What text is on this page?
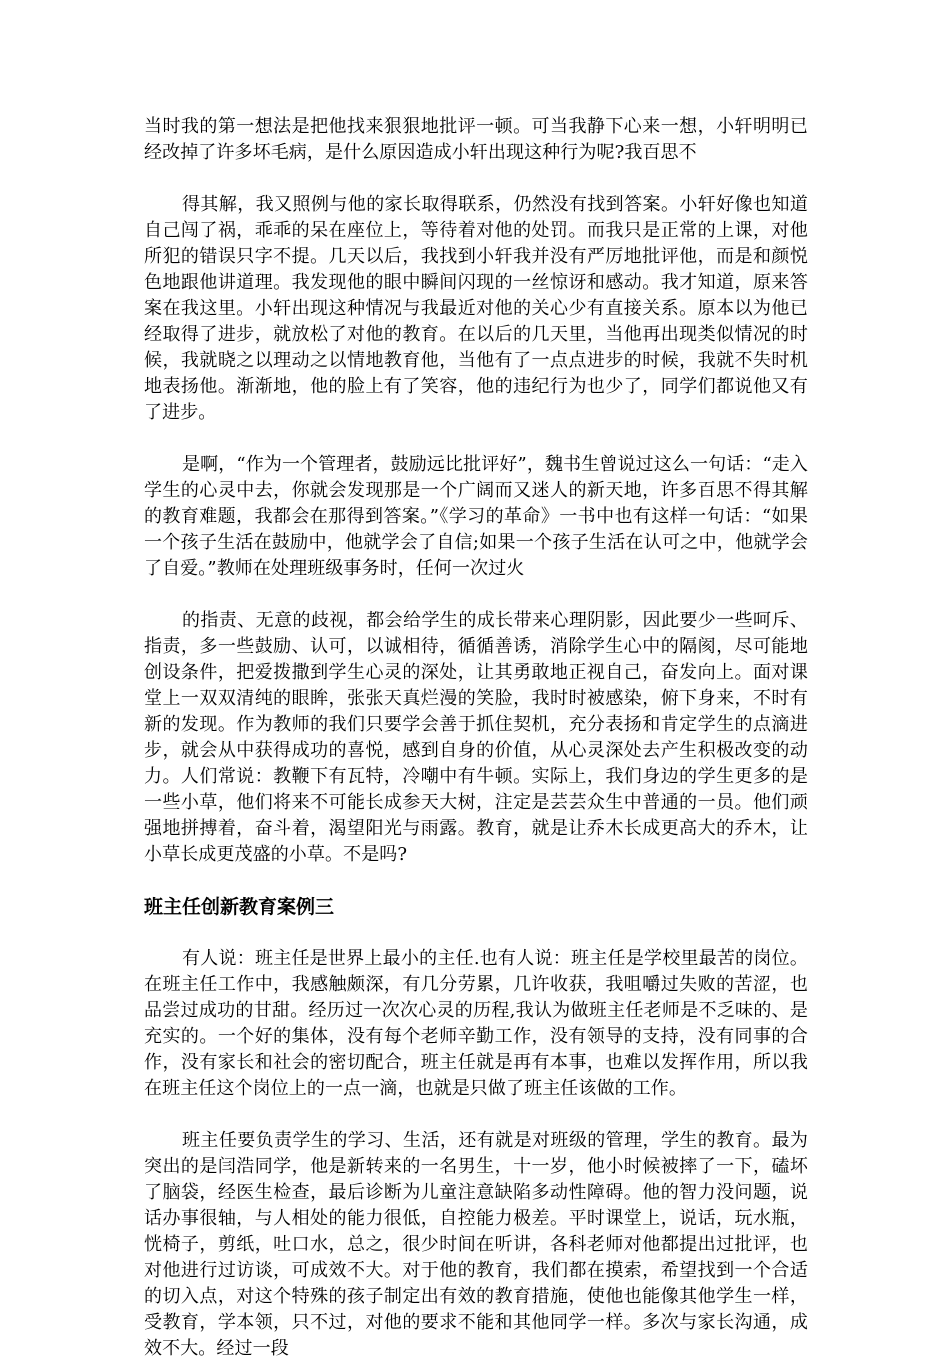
当时我的第一想法是把他找来狠狠地批评一顿。可当我静下心来一想，小轩明明已经改掉了许多坏毛病，是什么原因造成小轩出现这种行为呢?我百思不

得其解，我又照例与他的家长取得联系，仍然没有找到答案。小轩好像也知道自己闯了祸，乖乖的呆在座位上，等待着对他的处罚。而我只是正常的上课，对他所犯的错误只字不提。几天以后，我找到小轩我并没有严厉地批评他，而是和颜悦色地跟他讲道理。我发现他的眼中瞬间闪现的一丝惊讶和感动。我才知道，原来答案在我这里。小轩出现这种情况与我最近对他的关心少有直接关系。原本以为他已经取得了进步，就放松了对他的教育。在以后的几天里，当他再出现类似情况的时候，我就晓之以理动之以情地教育他，当他有了一点点进步的时候，我就不失时机地表扬他。渐渐地，他的脸上有了笑容，他的违纪行为也少了，同学们都说他又有了进步。

是啊，“作为一个管理者，鼓励远比批评好”，魏书生曾说过这么一句话：“走入学生的心灵中去，你就会发现那是一个广阔而又迷人的新天地，许多百思不得其解的教育难题，我都会在那得到答案。”《学习的革命》一书中也有这样一句话：“如果一个孩子生活在鼓励中，他就学会了自信;如果一个孩子生活在认可之中，他就学会了自爱。”教师在处理班级事务时，任何一次过火

的指责、无意的歧视，都会给学生的成长带来心理阴影，因此要少一些呵斥、指责，多一些鼓励、认可，以诚相待，循循善诱，消除学生心中的隔阂，尽可能地创设条件，把爱拨撒到学生心灵的深处，让其勇敢地正视自己，奋发向上。面对课堂上一双双清纯的眼眸，张张天真烂漫的笑脸，我时时被感染，俯下身来，不时有新的发现。作为教师的我们只要学会善于抓住契机，充分表扬和肯定学生的点滴进步，就会从中获得成功的喜悦，感到自身的价值，从心灵深处去产生积极改变的动力。人们常说：教鞭下有瓦特，冷嘲中有牛顿。实际上，我们身边的学生更多的是一些小草，他们将来不可能长成参天大树，注定是芸芸众生中普通的一员。他们顽强地拼搏着，奋斗着，渴望阳光与雨露。教育，就是让乔木长成更高大的乔木，让小草长成更茂盛的小草。不是吗?

班主任创新教育案例三

有人说：班主任是世界上最小的主任.也有人说：班主任是学校里最苦的岗位。在班主任工作中，我感触颇深，有几分劳累，几许收获，我咀嚼过失败的苦涩，也品尝过成功的甘甜。经历过一次次心灵的历程,我认为做班主任老师是不乏味的、是充实的。一个好的集体，没有每个老师辛勤工作，没有领导的支持，没有同事的合作，没有家长和社会的密切配合，班主任就是再有本事，也难以发挥作用，所以我在班主任这个岗位上的一点一滴，也就是只做了班主任该做的工作。

班主任要负责学生的学习、生活，还有就是对班级的管理，学生的教育。最为突出的是闫浩同学，他是新转来的一名男生，十一岁，他小时候被摔了一下，磕坏了脑袋，经医生检查，最后诊断为儿童注意缺陷多动性障碍。他的智力没问题，说话办事很轴，与人相处的能力很低，自控能力极差。平时课堂上，说话，玩水瓶，恍椅子，剪纸，吐口水，总之，很少时间在听讲，各科老师对他都提出过批评，也对他进行过访谈，可成效不大。对于他的教育，我们都在摸索，希望找到一个合适的切入点，对这个特殊的孩子制定出有效的教育措施，使他也能像其他学生一样，受教育，学本领，只不过，对他的要求不能和其他同学一样。多次与家长沟通，成效不大。经过一段
